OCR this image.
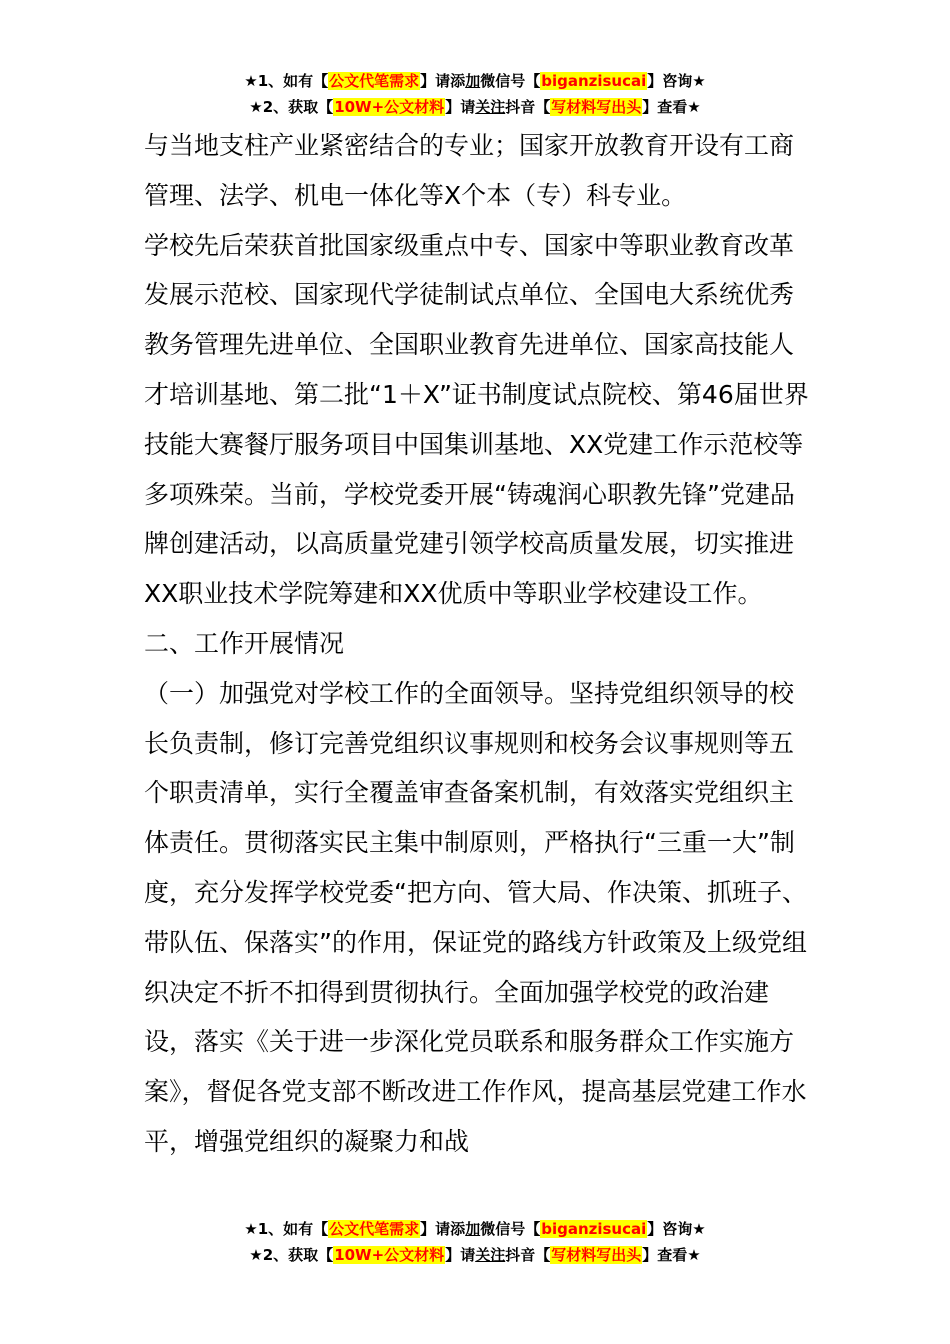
★1、如有【公文代笔需求】请添加微信号【biganzisucai】咨询★
★2、获取【10W+公文材料】请关注抖音【写材料写出头】查看★

与当地支柱产业紧密结合的专业；国家开放教育开设有工商管理、法学、机电一体化等X个本（专）科专业。

学校先后荣获首批国家级重点中专、国家中等职业教育改革发展示范校、国家现代学徒制试点单位、全国电大系统优秀教务管理先进单位、全国职业教育先进单位、国家高技能人才培训基地、第二批“1＋X”证书制度试点院校、第46届世界技能大赛餐厅服务项目中国集训基地、XX党建工作示范校等多项殊荣。当前，学校党委开展“铸魂润心职教先锋”党建品牌创建活动，以高质量党建引领学校高质量发展，切实推进XX职业技术学院筹建和XX优质中等职业学校建设工作。

二、工作开展情况

（一）加强党对学校工作的全面领导。坚持党组织领导的校长负责制，修订完善党组织议事规则和校务会议事规则等五个职责清单，实行全覆盖审查备案机制，有效落实党组织主体责任。贯彻落实民主集中制原则，严格执行“三重一大”制度，充分发挥学校党委“把方向、管大局、作决策、抓班子、带队伍、保落实”的作用，保证党的路线方针政策及上级党组织决定不折不扣得到贯彻执行。全面加强学校党的政治建设，落实《关于进一步深化党员联系和服务群众工作实施方案》，督促各党支部不断改进工作作风，提高基层党建工作水平，增强党组织的凝聚力和战

★1、如有【公文代笔需求】请添加微信号【biganzisucai】咨询★
★2、获取【10W+公文材料】请关注抖音【写材料写出头】查看★
